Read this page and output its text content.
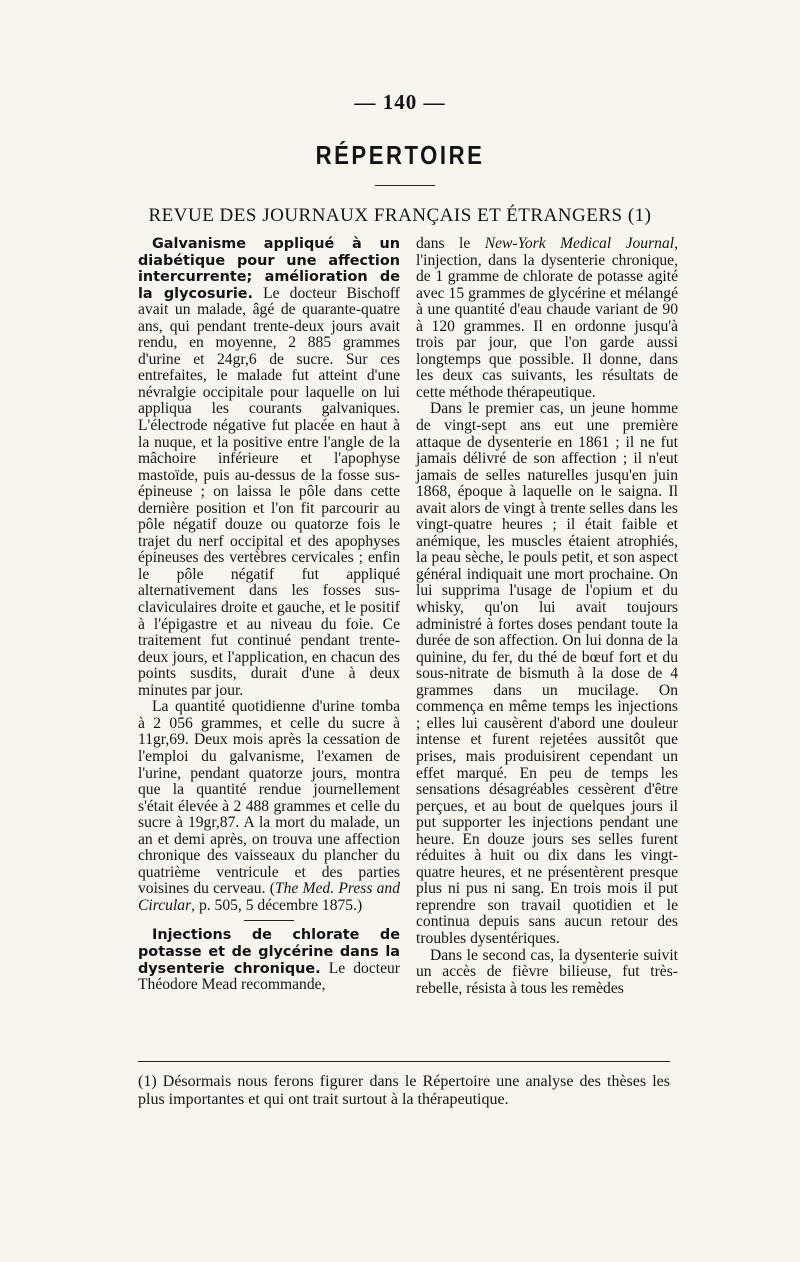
— 140 —
RÉPERTOIRE
REVUE DES JOURNAUX FRANÇAIS ET ÉTRANGERS (1)

Galvanisme appliqué à un diabétique pour une affection intercurrente; amélioration de la glycosurie. Le docteur Bischoff avait un malade, âgé de quarante-quatre ans, qui pendant trente-deux jours avait rendu, en moyenne, 2 885 grammes d'urine et 24gr,6 de sucre. Sur ces entrefaites, le malade fut atteint d'une névralgie occipitale pour laquelle on lui appliqua les courants galvaniques. L'électrode négative fut placée en haut à la nuque, et la positive entre l'angle de la mâchoire inférieure et l'apophyse mastoïde, puis au-dessus de la fosse sus-épineuse ; on laissa le pôle dans cette dernière position et l'on fit parcourir au pôle négatif douze ou quatorze fois le trajet du nerf occipital et des apophyses épineuses des vertèbres cervicales ; enfin le pôle négatif fut appliqué alternativement dans les fosses sus-claviculaires droite et gauche, et le positif à l'épigastre et au niveau du foie. Ce traitement fut continué pendant trente-deux jours, et l'application, en chacun des points susdits, durait d'une à deux minutes par jour.

La quantité quotidienne d'urine tomba à 2 056 grammes, et celle du sucre à 11gr,69. Deux mois après la cessation de l'emploi du galvanisme, l'examen de l'urine, pendant quatorze jours, montra que la quantité rendue journellement s'était élevée à 2 488 grammes et celle du sucre à 19gr,87. A la mort du malade, un an et demi après, on trouva une affection chronique des vaisseaux du plancher du quatrième ventricule et des parties voisines du cerveau. (The Med. Press and Circular, p. 505, 5 décembre 1875.)

Injections de chlorate de potasse et de glycérine dans la dysenterie chronique. Le docteur Théodore Mead recommande,

dans le New-York Medical Journal, l'injection, dans la dysenterie chronique, de 1 gramme de chlorate de potasse agité avec 15 grammes de glycérine et mélangé à une quantité d'eau chaude variant de 90 à 120 grammes. Il en ordonne jusqu'à trois par jour, que l'on garde aussi longtemps que possible. Il donne, dans les deux cas suivants, les résultats de cette méthode thérapeutique.

Dans le premier cas, un jeune homme de vingt-sept ans eut une première attaque de dysenterie en 1861 ; il ne fut jamais délivré de son affection ; il n'eut jamais de selles naturelles jusqu'en juin 1868, époque à laquelle on le saigna. Il avait alors de vingt à trente selles dans les vingt-quatre heures ; il était faible et anémique, les muscles étaient atrophiés, la peau sèche, le pouls petit, et son aspect général indiquait une mort prochaine. On lui supprima l'usage de l'opium et du whisky, qu'on lui avait toujours administré à fortes doses pendant toute la durée de son affection. On lui donna de la quinine, du fer, du thé de bœuf fort et du sous-nitrate de bismuth à la dose de 4 grammes dans un mucilage. On commença en même temps les injections ; elles lui causèrent d'abord une douleur intense et furent rejetées aussitôt que prises, mais produisirent cependant un effet marqué. En peu de temps les sensations désagréables cessèrent d'être perçues, et au bout de quelques jours il put supporter les injections pendant une heure. En douze jours ses selles furent réduites à huit ou dix dans les vingt-quatre heures, et ne présentèrent presque plus ni pus ni sang. En trois mois il put reprendre son travail quotidien et le continua depuis sans aucun retour des troubles dysentériques.

Dans le second cas, la dysenterie suivit un accès de fièvre bilieuse, fut très-rebelle, résista à tous les remèdes

(1) Désormais nous ferons figurer dans le Répertoire une analyse des thèses les plus importantes et qui ont trait surtout à la thérapeutique.
